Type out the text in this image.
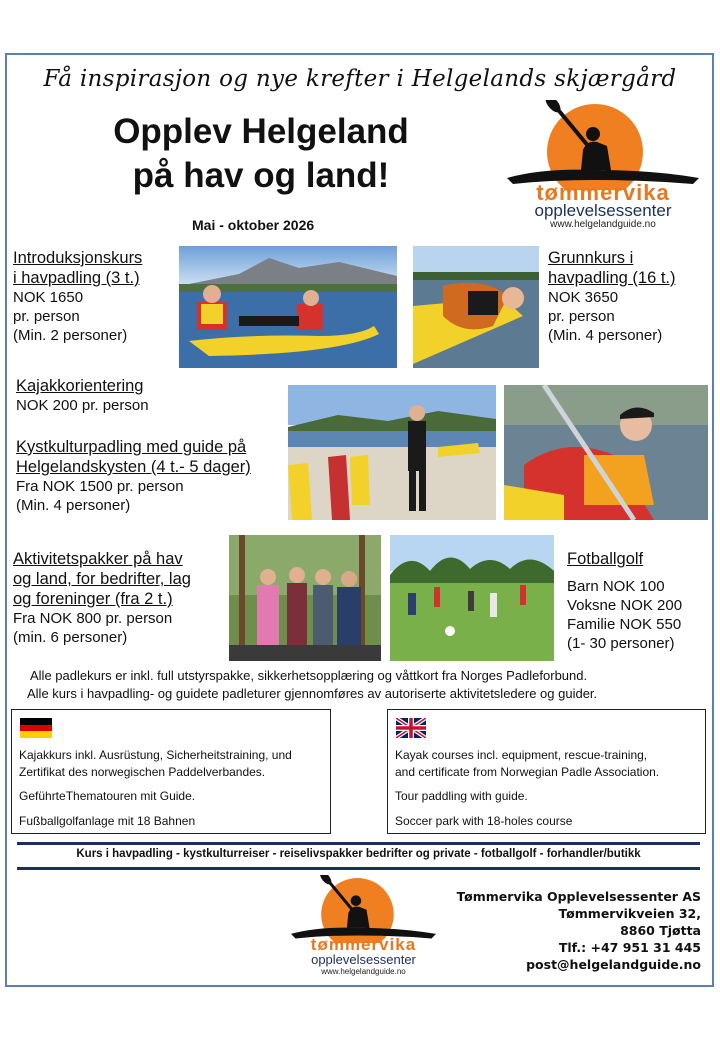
Få inspirasjon og nye krefter i Helgelands skjærgård
Opplev Helgeland
på hav og land!
Mai - oktober 2026
tømmervika
opplevelsessenter
www.helgelandguide.no
Introduksjonskurs
i havpadling (3 t.)
NOK 1650
pr. person
(Min. 2 personer)
Grunnkurs i
havpadling (16 t.)
NOK 3650
pr. person
(Min. 4 personer)
Kajakkorientering
NOK 200 pr. person
Kystkulturpadling med guide på
Helgelandskysten (4 t.- 5 dager)
Fra NOK 1500 pr. person
(Min. 4 personer)
Aktivitetspakker på hav
og land, for bedrifter, lag
og foreninger (fra 2 t.)
Fra NOK 800 pr. person
(min. 6 personer)
Fotballgolf
Barn NOK 100
Voksne NOK 200
Familie NOK 550
(1- 30 personer)
Alle padlekurs er inkl. full utstyrspakke, sikkerhetsopplæring og våttkort fra Norges Padleforbund.
Alle kurs i havpadling- og guidete padleturer gjennomføres av autoriserte aktivitetsledere og guider.

Kajakkurs inkl. Ausrüstung, Sicherheitstraining, und

Zertifikat des norwegischen Paddelverbandes.

GeführteThematouren mit Guide.

Fußballgolfanlage mit 18 Bahnen

Kayak courses incl. equipment, rescue-training,

and certificate from Norwegian Padle Association.

Tour paddling with guide.

Soccer park with 18-holes course

Kurs i havpadling - kystkulturreiser - reiselivspakker bedrifter og private - fotballgolf - forhandler/butikk
tømmervika
opplevelsessenter
www.helgelandguide.no
Tømmervika Opplevelsessenter AS
Tømmervikveien 32,
8860 Tjøtta
Tlf.: +47 951 31 445
post@helgelandguide.no
